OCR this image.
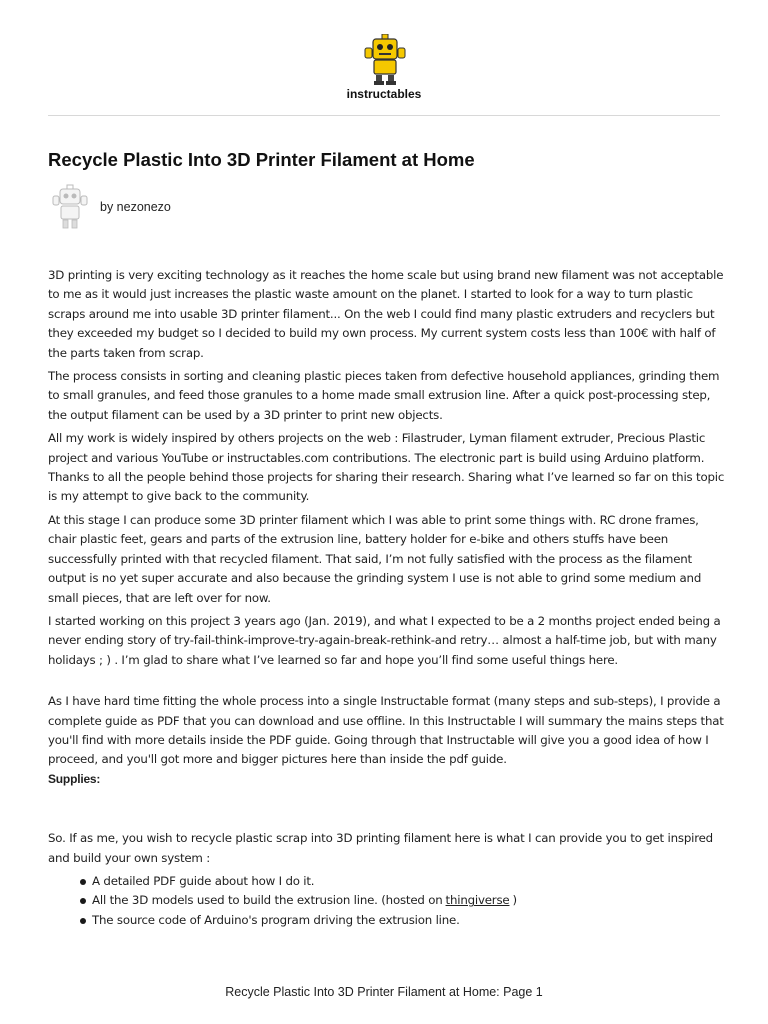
instructables
Recycle Plastic Into 3D Printer Filament at Home
by nezonezo

3D printing is very exciting technology as it reaches the home scale but using brand new filament was not acceptable to me as it would just increases the plastic waste amount on the planet. I started to look for a way to turn plastic scraps around me into usable 3D printer filament... On the web I could find many plastic extruders and recyclers but they exceeded my budget so I decided to build my own process. My current system costs less than 100€ with half of the parts taken from scrap.

The process consists in sorting and cleaning plastic pieces taken from defective household appliances, grinding them to small granules, and feed those granules to a home made small extrusion line. After a quick post-processing step, the output filament can be used by a 3D printer to print new objects.

All my work is widely inspired by others projects on the web : Filastruder, Lyman filament extruder, Precious Plastic project and various YouTube or instructables.com contributions. The electronic part is build using Arduino platform. Thanks to all the people behind those projects for sharing their research. Sharing what I’ve learned so far on this topic is my attempt to give back to the community.

At this stage I can produce some 3D printer filament which I was able to print some things with. RC drone frames, chair plastic feet, gears and parts of the extrusion line, battery holder for e-bike and others stuffs have been successfully printed with that recycled filament. That said, I’m not fully satisfied with the process as the filament output is no yet super accurate and also because the grinding system I use is not able to grind some medium and small pieces, that are left over for now.

I started working on this project 3 years ago (Jan. 2019), and what I expected to be a 2 months project ended being a never ending story of try-fail-think-improve-try-again-break-rethink-and retry… almost a half-time job, but with many holidays ; ) . I’m glad to share what I’ve learned so far and hope you’ll find some useful things here.

As I have hard time fitting the whole process into a single Instructable format (many steps and sub-steps), I provide a complete guide as PDF that you can download and use offline. In this Instructable I will summary the mains steps that you'll find with more details inside the PDF guide. Going through that Instructable will give you a good idea of how I proceed, and you'll got more and bigger pictures here than inside the pdf guide.

Supplies:

So. If as me, you wish to recycle plastic scrap into 3D printing filament here is what I can provide you to get inspired and build your own system :

A detailed PDF guide about how I do it.
All the 3D models used to build the extrusion line. (hosted on thingiverse )
The source code of Arduino's program driving the extrusion line.
Recycle Plastic Into 3D Printer Filament at Home: Page 1
